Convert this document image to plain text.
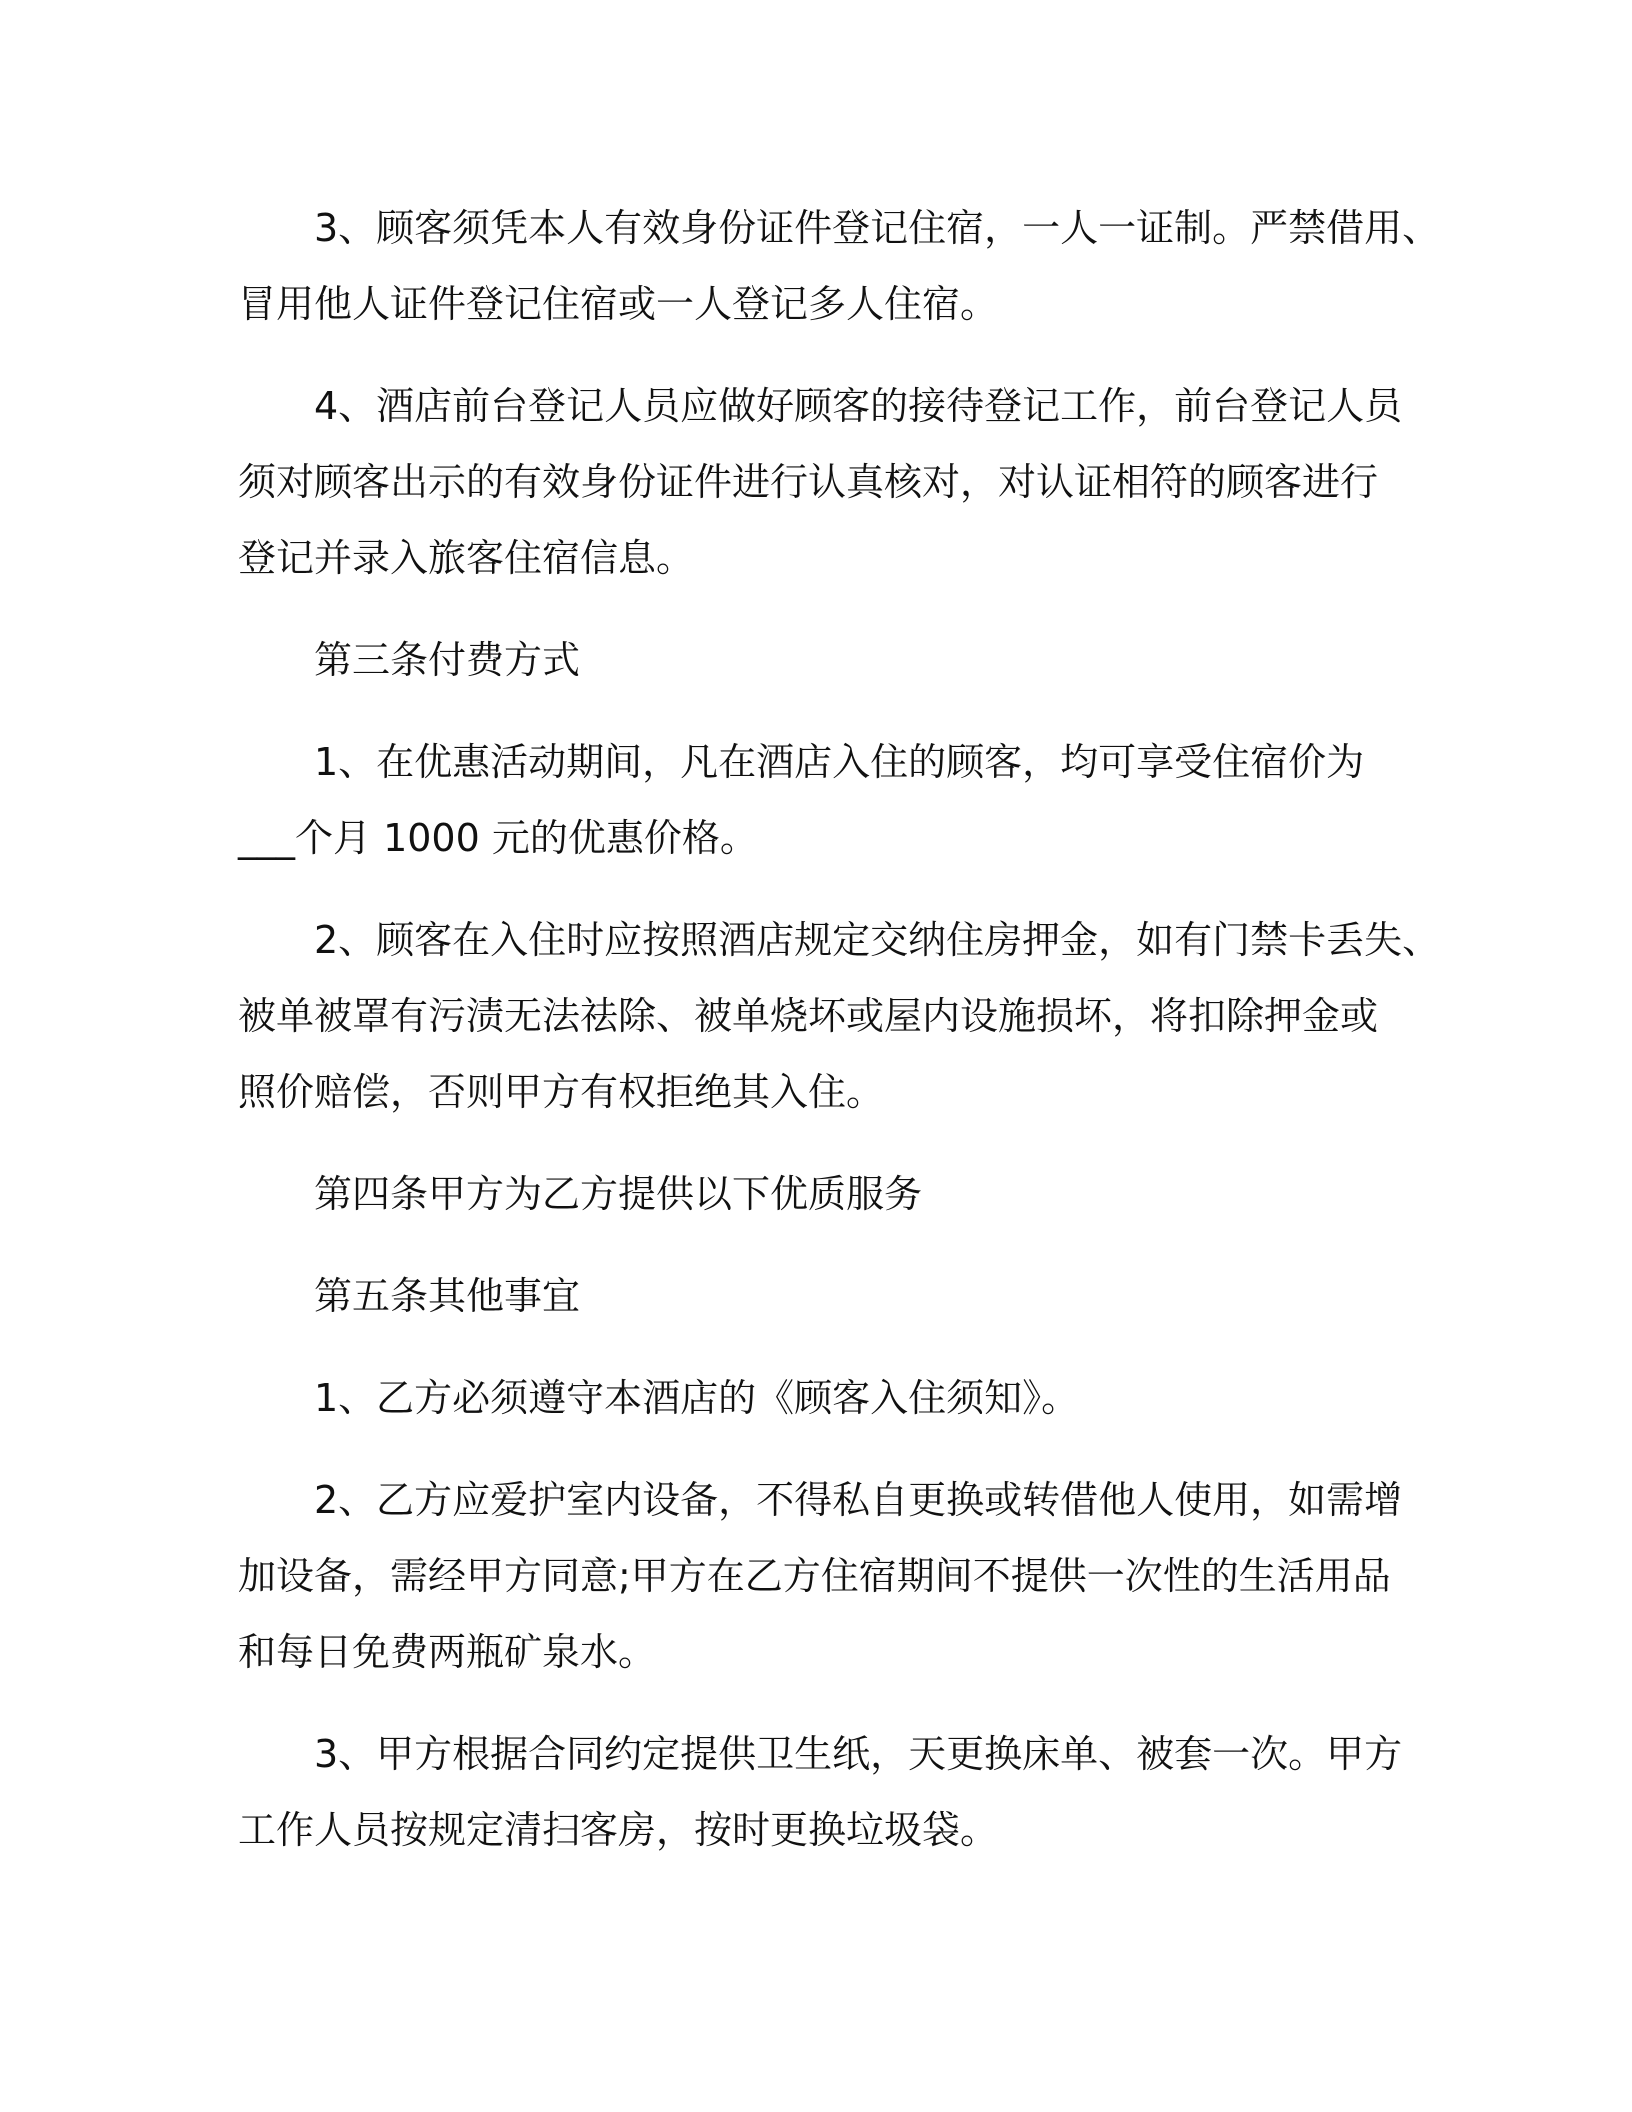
3、顾客须凭本人有效身份证件登记住宿，一人一证制。严禁借用、
冒用他人证件登记住宿或一人登记多人住宿。

4、酒店前台登记人员应做好顾客的接待登记工作，前台登记人员
须对顾客出示的有效身份证件进行认真核对，对认证相符的顾客进行
登记并录入旅客住宿信息。

第三条付费方式

1、在优惠活动期间，凡在酒店入住的顾客，均可享受住宿价为
___个月 1000 元的优惠价格。

2、顾客在入住时应按照酒店规定交纳住房押金，如有门禁卡丢失、
被单被罩有污渍无法祛除、被单烧坏或屋内设施损坏，将扣除押金或
照价赔偿，否则甲方有权拒绝其入住。

第四条甲方为乙方提供以下优质服务

第五条其他事宜

1、乙方必须遵守本酒店的《顾客入住须知》。

2、乙方应爱护室内设备，不得私自更换或转借他人使用，如需增
加设备，需经甲方同意;甲方在乙方住宿期间不提供一次性的生活用品
和每日免费两瓶矿泉水。

3、甲方根据合同约定提供卫生纸，天更换床单、被套一次。甲方
工作人员按规定清扫客房，按时更换垃圾袋。
